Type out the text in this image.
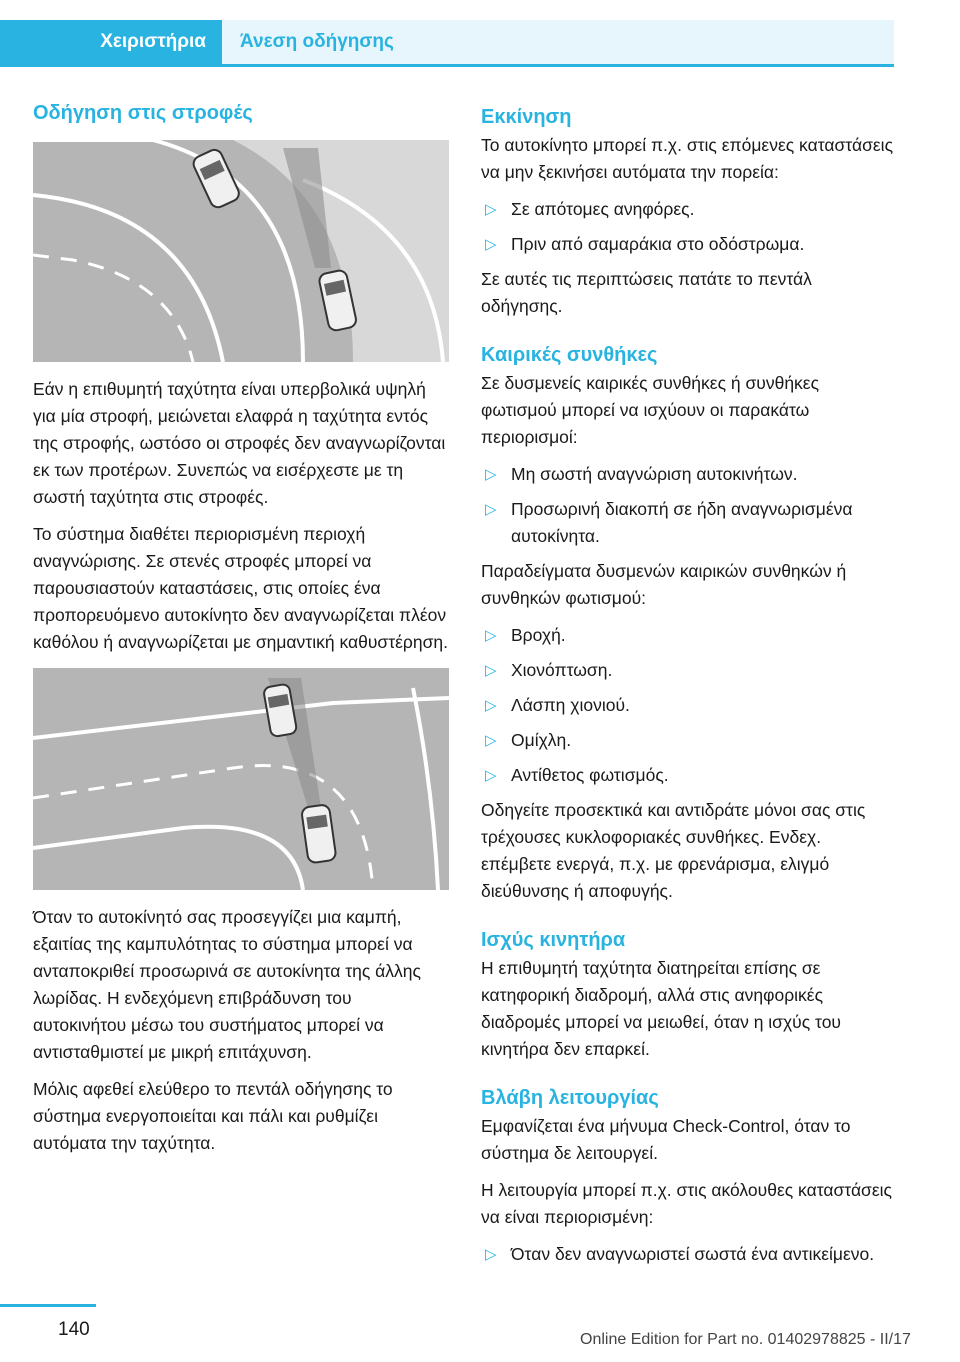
Χειριστήρια	Άνεση οδήγησης
Οδήγηση στις στροφές

Εάν η επιθυμητή ταχύτητα είναι υπερβολικά υψηλή για μία στροφή, μειώνεται ελαφρά η ταχύτητα εντός της στροφής, ωστόσο οι στροφές δεν αναγνωρίζονται εκ των προτέρων. Συνεπώς να εισέρχεστε με τη σωστή ταχύτητα στις στροφές.

Το σύστημα διαθέτει περιορισμένη περιοχή αναγνώρισης. Σε στενές στροφές μπορεί να παρουσιαστούν καταστάσεις, στις οποίες ένα προπορευόμενο αυτοκίνητο δεν αναγνωρίζεται πλέον καθόλου ή αναγνωρίζεται με σημαντική καθυστέρηση.

Όταν το αυτοκίνητό σας προσεγγίζει μια καμπή, εξαιτίας της καμπυλότητας το σύστημα μπορεί να ανταποκριθεί προσωρινά σε αυτοκίνητα της άλλης λωρίδας. Η ενδεχόμενη επιβράδυνση του αυτοκινήτου μέσω του συστήματος μπορεί να αντισταθμιστεί με μικρή επιτάχυνση.

Μόλις αφεθεί ελεύθερο το πεντάλ οδήγησης το σύστημα ενεργοποιείται και πάλι και ρυθμίζει αυτόματα την ταχύτητα.

Εκκίνηση

Το αυτοκίνητο μπορεί π.χ. στις επόμενες καταστάσεις να μην ξεκινήσει αυτόματα την πορεία:

▷ Σε απότομες ανηφόρες.
▷ Πριν από σαμαράκια στο οδόστρωμα.

Σε αυτές τις περιπτώσεις πατάτε το πεντάλ οδήγησης.

Καιρικές συνθήκες

Σε δυσμενείς καιρικές συνθήκες ή συνθήκες φωτισμού μπορεί να ισχύουν οι παρακάτω περιορισμοί:

▷ Μη σωστή αναγνώριση αυτοκινήτων.
▷ Προσωρινή διακοπή σε ήδη αναγνωρισμένα αυτοκίνητα.

Παραδείγματα δυσμενών καιρικών συνθηκών ή συνθηκών φωτισμού:

▷ Βροχή.
▷ Χιονόπτωση.
▷ Λάσπη χιονιού.
▷ Ομίχλη.
▷ Αντίθετος φωτισμός.

Οδηγείτε προσεκτικά και αντιδράτε μόνοι σας στις τρέχουσες κυκλοφοριακές συνθήκες. Ενδεχ. επέμβετε ενεργά, π.χ. με φρενάρισμα, ελιγμό διεύθυνσης ή αποφυγής.

Ισχύς κινητήρα

Η επιθυμητή ταχύτητα διατηρείται επίσης σε κατηφορική διαδρομή, αλλά στις ανηφορικές διαδρομές μπορεί να μειωθεί, όταν η ισχύς του κινητήρα δεν επαρκεί.

Βλάβη λειτουργίας

Εμφανίζεται ένα μήνυμα Check-Control, όταν το σύστημα δε λειτουργεί.

Η λειτουργία μπορεί π.χ. στις ακόλουθες καταστάσεις να είναι περιορισμένη:

▷ Όταν δεν αναγνωριστεί σωστά ένα αντικείμενο.
140	Online Edition for Part no. 01402978825 - II/17
